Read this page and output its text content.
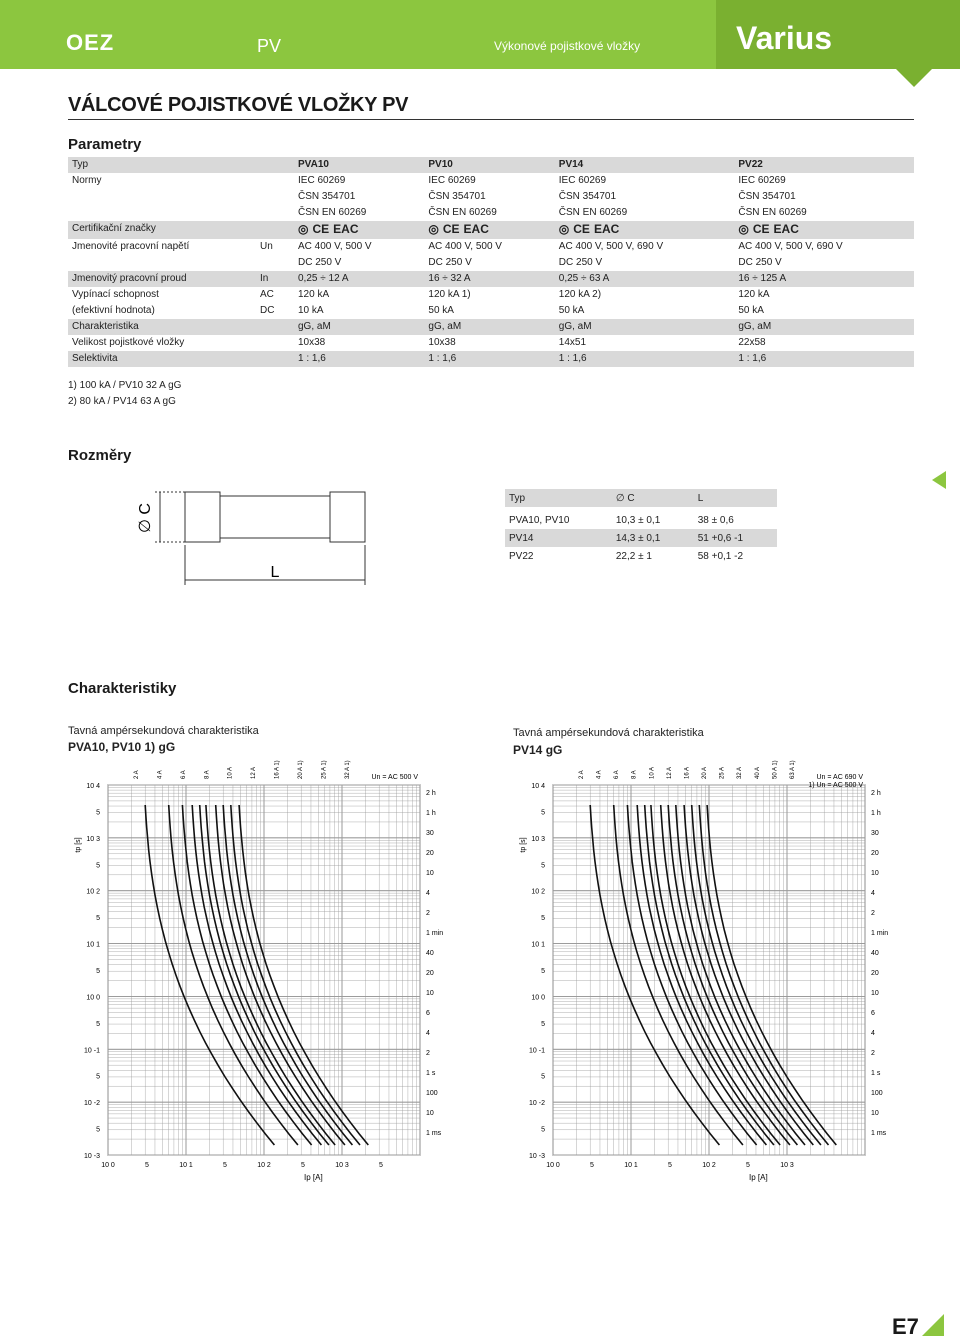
OEZ	PV	Výkonové pojistkové vložky	Varius
VÁLCOVÉ POJISTKOVÉ VLOŽKY PV
Parametry
Typ		PVA10	PV10	PV14	PV22
Normy		IEC 60269	IEC 60269	IEC 60269	IEC 60269
		ČSN 354701	ČSN 354701	ČSN 354701	ČSN 354701
		ČSN EN 60269	ČSN EN 60269	ČSN EN 60269	ČSN EN 60269
Certifikační značky		◎ CE EAC	◎ CE EAC	◎ CE EAC	◎ CE EAC

Jmenovité pracovní napětí	Un	AC 400 V, 500 V	AC 400 V, 500 V	AC 400 V, 500 V, 690 V	AC 400 V, 500 V, 690 V
		DC 250 V	DC 250 V	DC 250 V	DC 250 V
Jmenovitý pracovní proud	In	0,25 ÷ 12 A	16 ÷ 32 A	0,25 ÷ 63 A	16 ÷ 125 A
Vypínací schopnost	AC	120 kA	120 kA 1)	120 kA 2)	120 kA
(efektivní hodnota)	DC	10 kA	50 kA	50 kA	50 kA
Charakteristika		gG, aM	gG, aM	gG, aM	gG, aM
Velikost pojistkové vložky		10x38	10x38	14x51	22x58
Selektivita		1 : 1,6	1 : 1,6	1 : 1,6	1 : 1,6
1) 100 kA / PV10 32 A gG
2) 80 kA / PV14 63 A gG
Rozměry
∅ C
L
Typ	∅ C	L

PVA10, PV10	10,3 ± 0,1	38 ± 0,6
PV14	14,3 ± 0,1	51 +0,6 -1
PV22	22,2 ± 1	58 +0,1 -2
Charakteristiky
Tavná ampérsekundová charakteristika
PVA10, PV10 1) gG
10 4
5
10 3
5
10 2
5
10 1
5
10 0
5
10 -1
5
10 -2
5
10 -3
10 0	5	10 1	5	10 2	5	10 3	5
2 h
1 h
30
20
10
4
2
1 min
40
20
10
6
4
2
1 s
100
10
1 ms
tp [s]
Ip [A]
Un = AC 500 V
2 A	4 A	6 A	8 A	10 A	12 A	16 A 1)	20 A 1)	25 A 1)	32 A 1)
Tavná ampérsekundová charakteristika
PV14 gG
10 4
5
10 3
5
10 2
5
10 1
5
10 0
5
10 -1
5
10 -2
5
10 -3
10 0	5	10 1	5	10 2	5	10 3
2 h
1 h
30
20
10
4
2
1 min
40
20
10
6
4
2
1 s
100
10
1 ms
tp [s]
Ip [A]
Un = AC 690 V
1) Un = AC 500 V
2 A 4 A 6 A 8 A 10 A 12 A 16 A 20 A 25 A 32 A 40 A 50 A 1) 63 A 1)
E7
